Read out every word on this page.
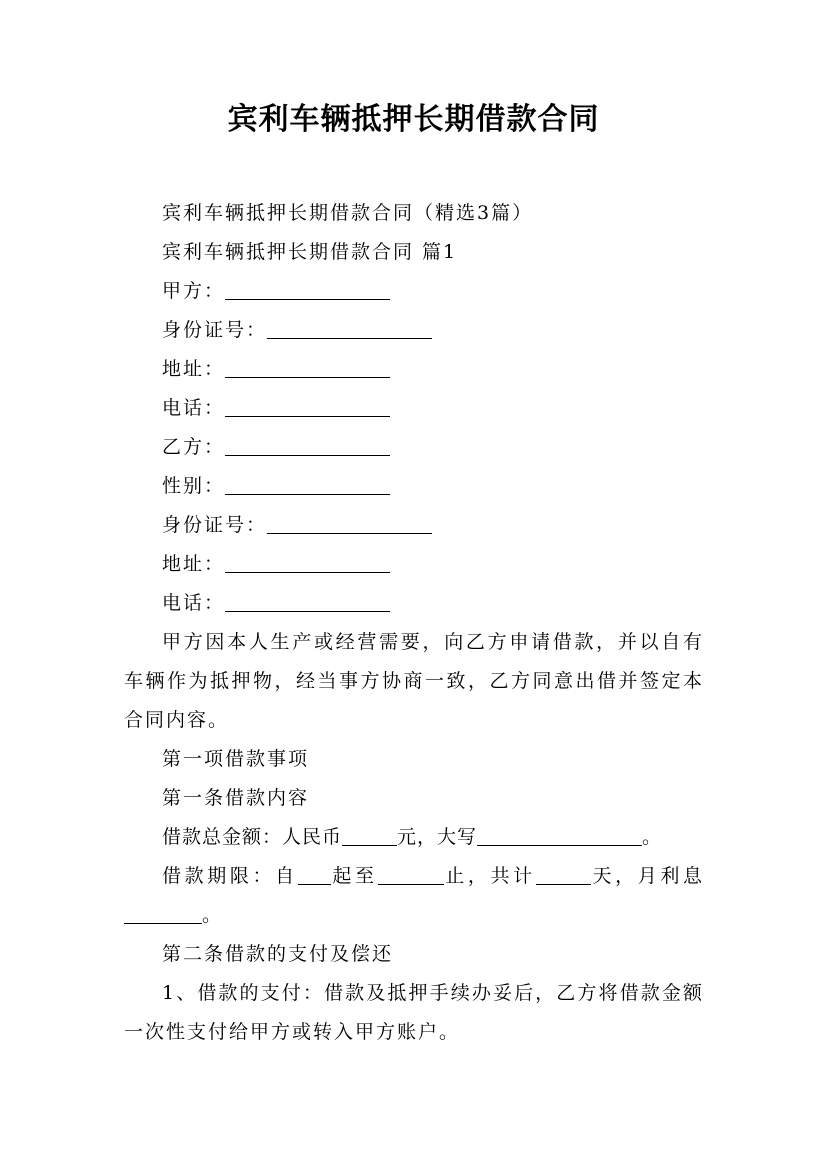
宾利车辆抵押长期借款合同

宾利车辆抵押长期借款合同（精选3篇）

宾利车辆抵押长期借款合同 篇1

甲方：

身份证号：

地址：

电话：

乙方：

性别：

身份证号：

地址：

电话：

甲方因本人生产或经营需要，向乙方申请借款，并以自有车辆作为抵押物，经当事方协商一致，乙方同意出借并签定本合同内容。

第一项借款事项

第一条借款内容

借款总金额：人民币	元，大写	。

借款期限：自 起至	止，共计	天，月利息。

第二条借款的支付及偿还

1、借款的支付：借款及抵押手续办妥后，乙方将借款金额一次性支付给甲方或转入甲方账户。
